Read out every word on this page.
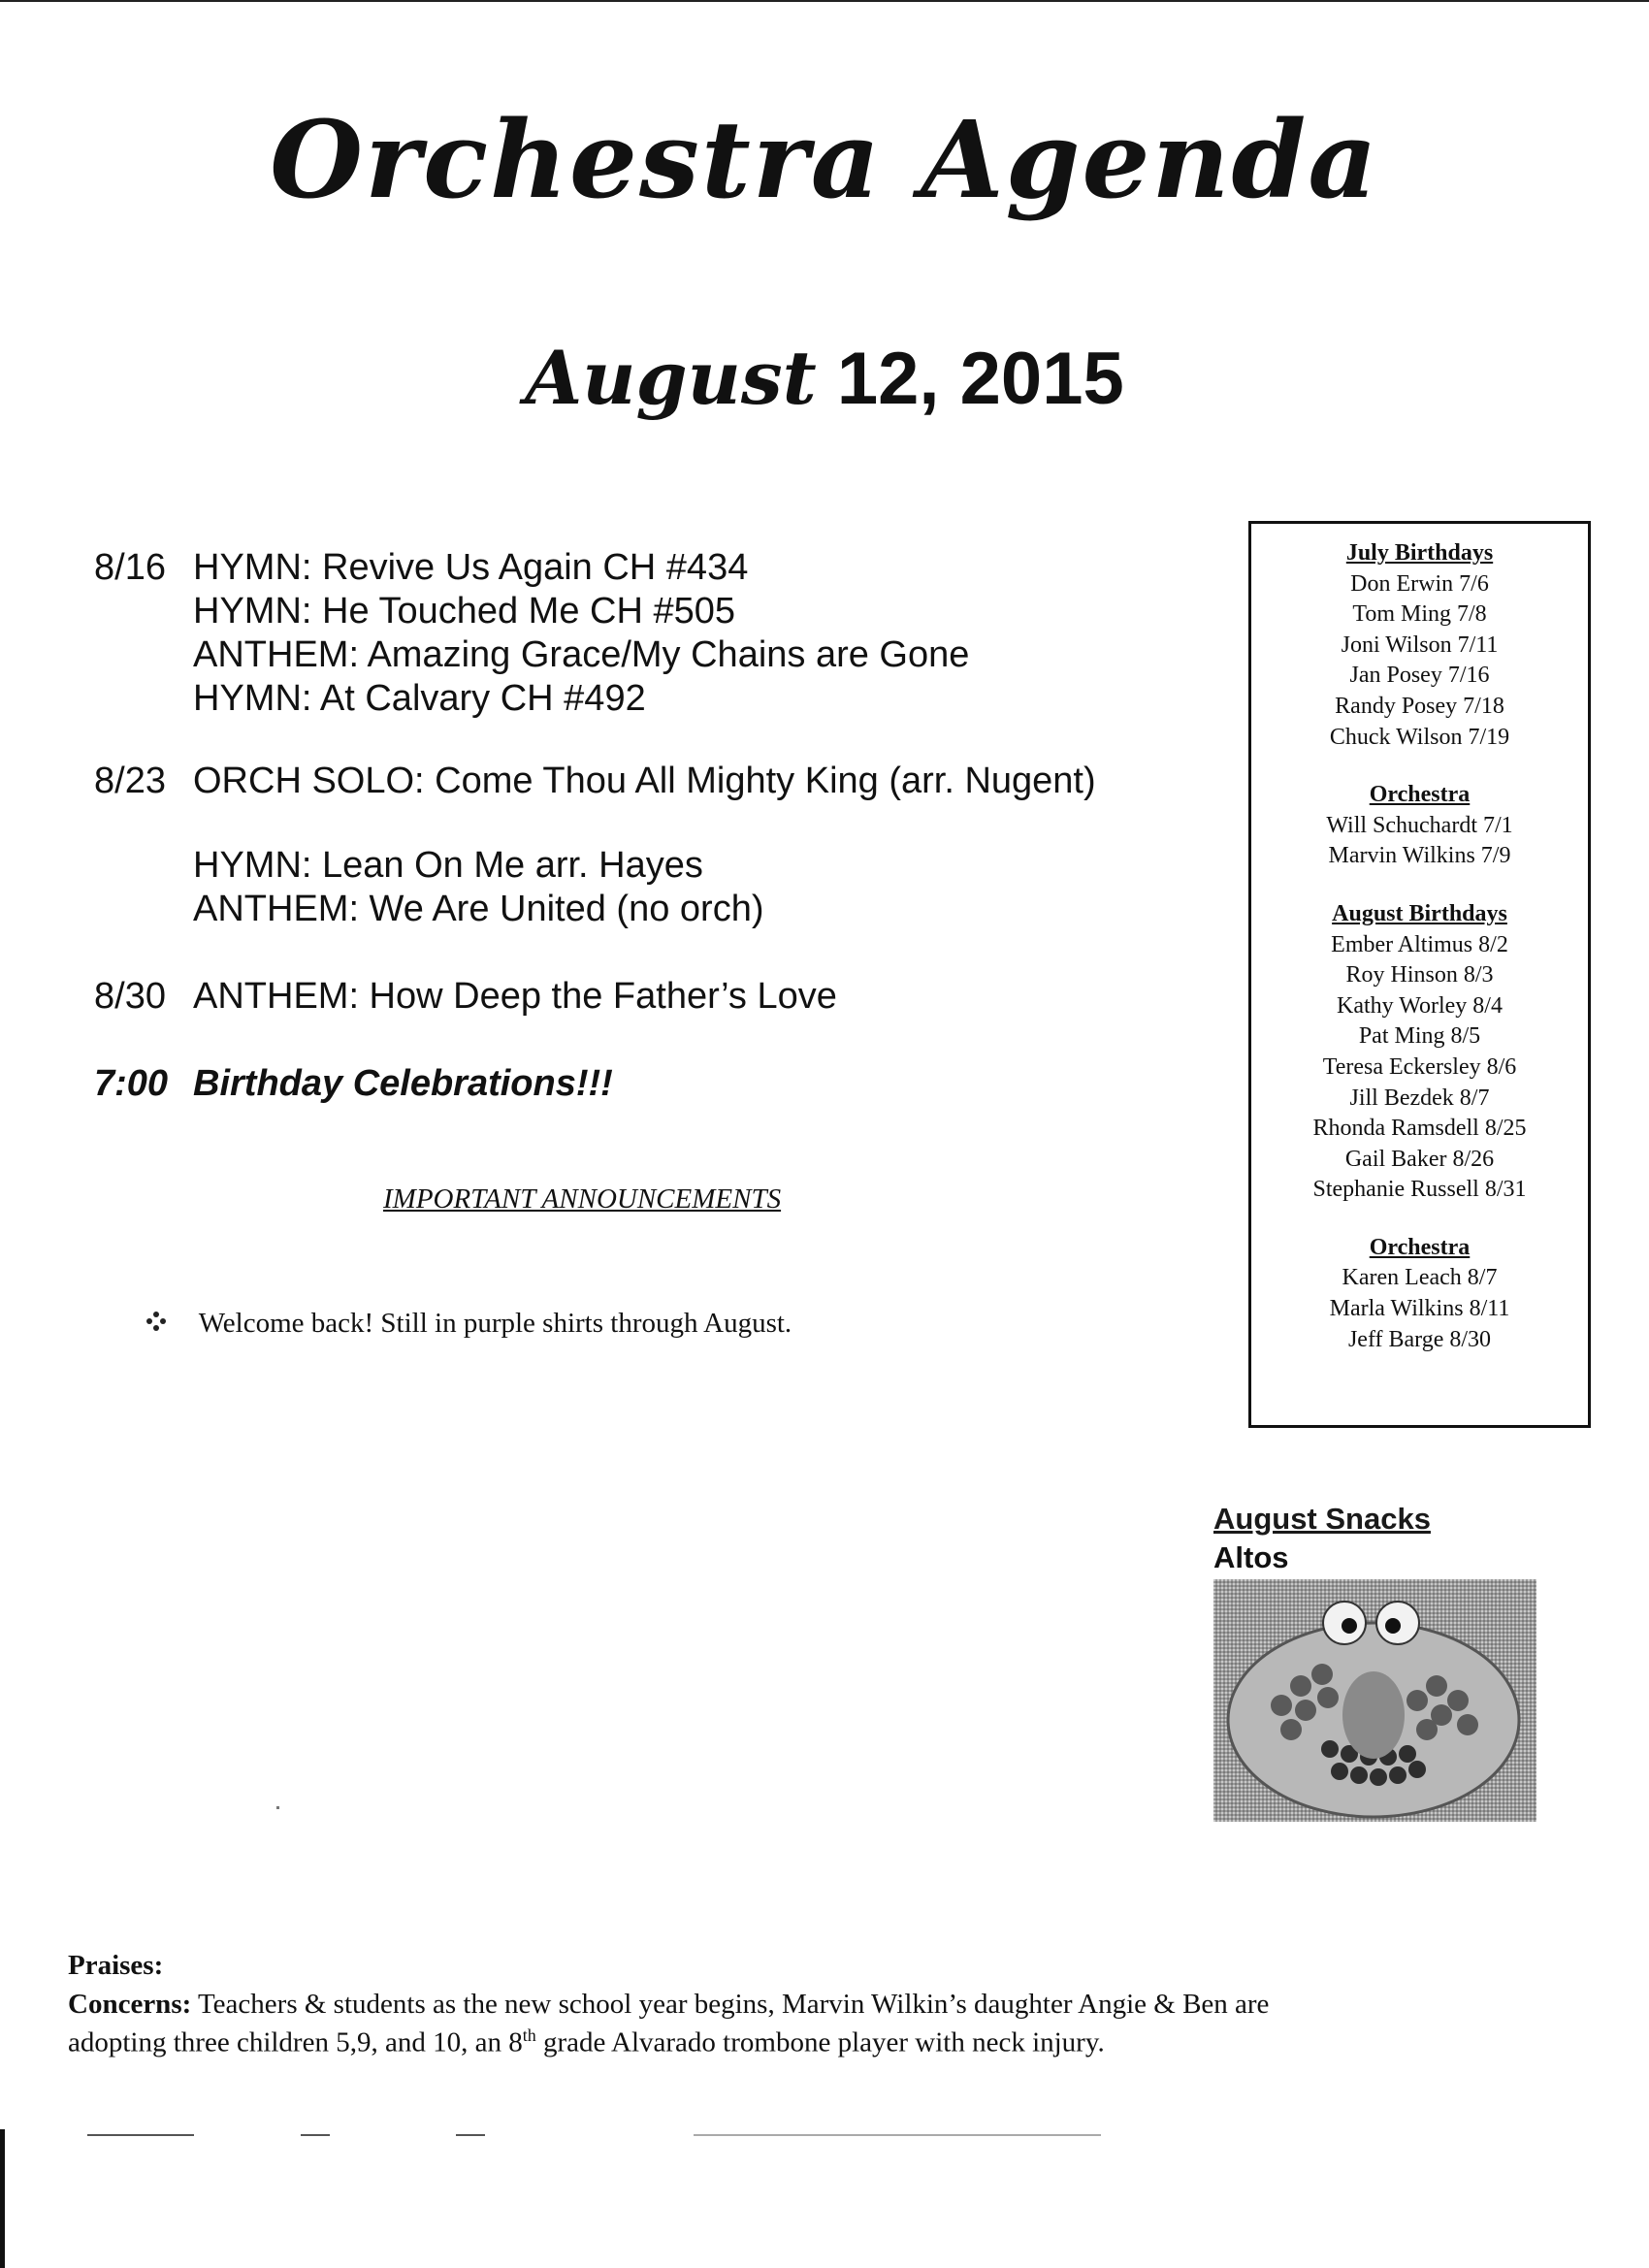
Orchestra Agenda
August 12, 2015
8/16 HYMN: Revive Us Again CH #434
HYMN: He Touched Me CH #505
ANTHEM: Amazing Grace/My Chains are Gone
HYMN: At Calvary CH #492
8/23 ORCH SOLO: Come Thou All Mighty King (arr. Nugent)
HYMN: Lean On Me arr. Hayes
ANTHEM: We Are United (no orch)
8/30 ANTHEM: How Deep the Father’s Love
7:00 Birthday Celebrations!!!
IMPORTANT ANNOUNCEMENTS
Welcome back! Still in purple shirts through August.
July Birthdays
Don Erwin 7/6
Tom Ming 7/8
Joni Wilson 7/11
Jan Posey 7/16
Randy Posey 7/18
Chuck Wilson 7/19
Orchestra
Will Schuchardt 7/1
Marvin Wilkins 7/9
August Birthdays
Ember Altimus 8/2
Roy Hinson 8/3
Kathy Worley 8/4
Pat Ming 8/5
Teresa Eckersley 8/6
Jill Bezdek 8/7
Rhonda Ramsdell 8/25
Gail Baker 8/26
Stephanie Russell 8/31
Orchestra
Karen Leach 8/7
Marla Wilkins 8/11
Jeff Barge 8/30
August Snacks
Altos
Praises:
Concerns: Teachers & students as the new school year begins, Marvin Wilkin’s daughter Angie & Ben are
adopting three children 5,9, and 10, an 8th grade Alvarado trombone player with neck injury.
